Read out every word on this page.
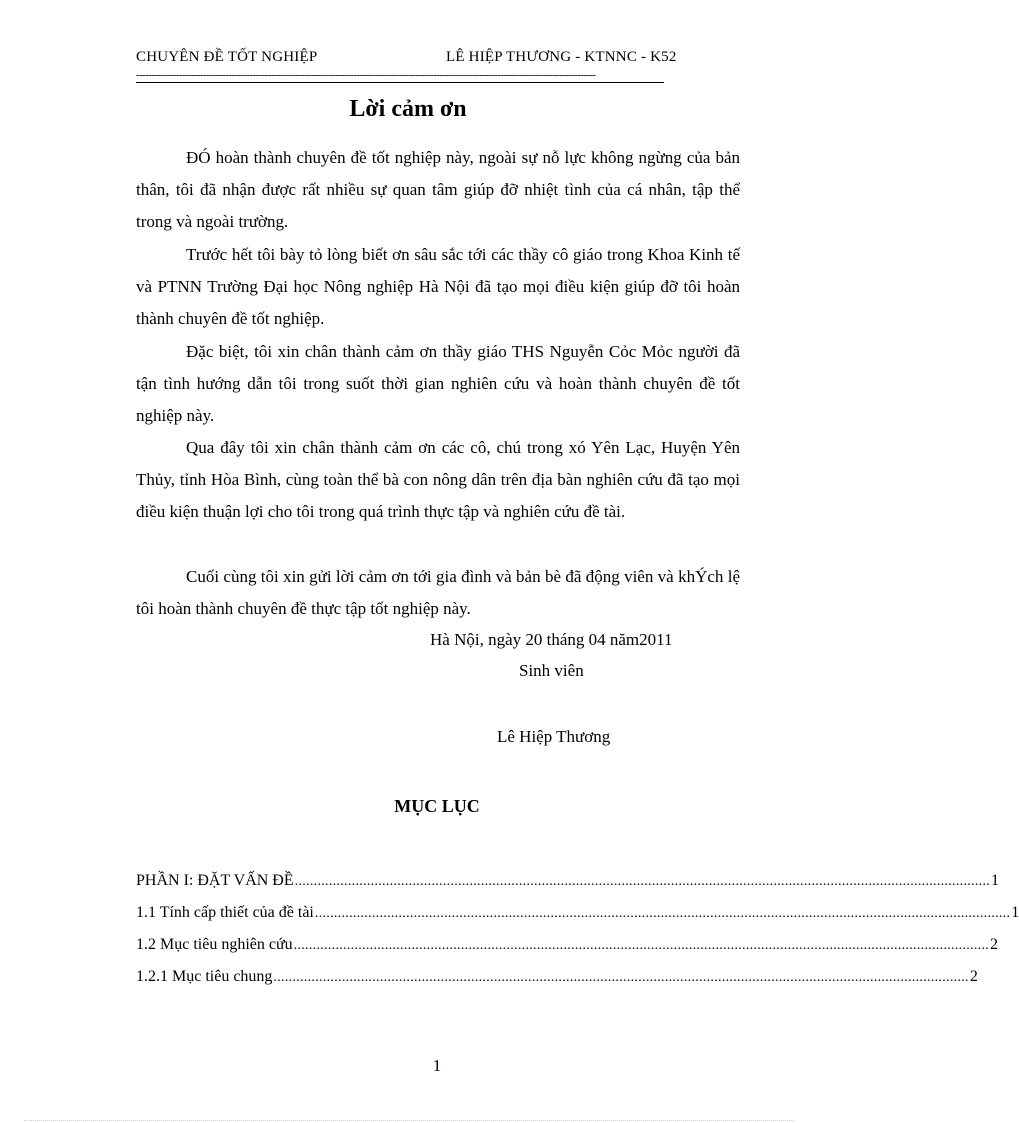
CHUYÊN ĐỀ TỐT NGHIỆP	LÊ HIỆP THƯƠNG - KTNNC - K52
------------------------------------------------------------------------------------------------------------------------------------------------------
Lời cảm ơn
ĐÓ hoàn thành chuyên đề tốt nghiệp này, ngoài sự nỗ lực không ngừng của bản thân, tôi đã nhận được rất nhiều sự quan tâm giúp đỡ nhiệt tình của cá nhân, tập thể trong và ngoài trường.
Trước hết tôi bày tỏ lòng biết ơn sâu sắc tới các thầy cô giáo trong Khoa Kinh tế và PTNN Trường Đại học Nông nghiệp Hà Nội đã tạo mọi điều kiện giúp đỡ tôi hoàn thành chuyên đề tốt nghiệp.
Đặc biệt, tôi xin chân thành cảm ơn thầy giáo THS Nguyễn Cỏc Mỏc người đã tận tình hướng dẫn tôi trong suốt thời gian nghiên cứu và hoàn thành chuyên đề tốt nghiệp này.
Qua đây tôi xin chân thành cảm ơn các cô, chú trong xó Yên Lạc, Huyện Yên Thủy, tỉnh Hòa Bình, cùng toàn thể bà con nông dân trên địa bàn nghiên cứu đã tạo mọi điều kiện thuận lợi cho tôi trong quá trình thực tập và nghiên cứu đề tài.
Cuối cùng tôi xin gửi lời cảm ơn tới gia đình và bản bè đã động viên và khÝch lệ tôi hoàn thành chuyên đề thực tập tốt nghiệp này.
Hà Nội, ngày 20 tháng 04 năm2011
Sinh viên
Lê Hiệp Thương
MỤC LỤC
PHẦN I: ĐẶT VẤN ĐỀ ....................................................................................................................................................................................... 1
1.1 Tính cấp thiết của đề tài ....................................................................................................................................................................................... 1
1.2 Mục tiêu nghiên cứu ....................................................................................................................................................................................... 2
1.2.1 Mục tiêu chung ....................................................................................................................................................................................... 2
1
